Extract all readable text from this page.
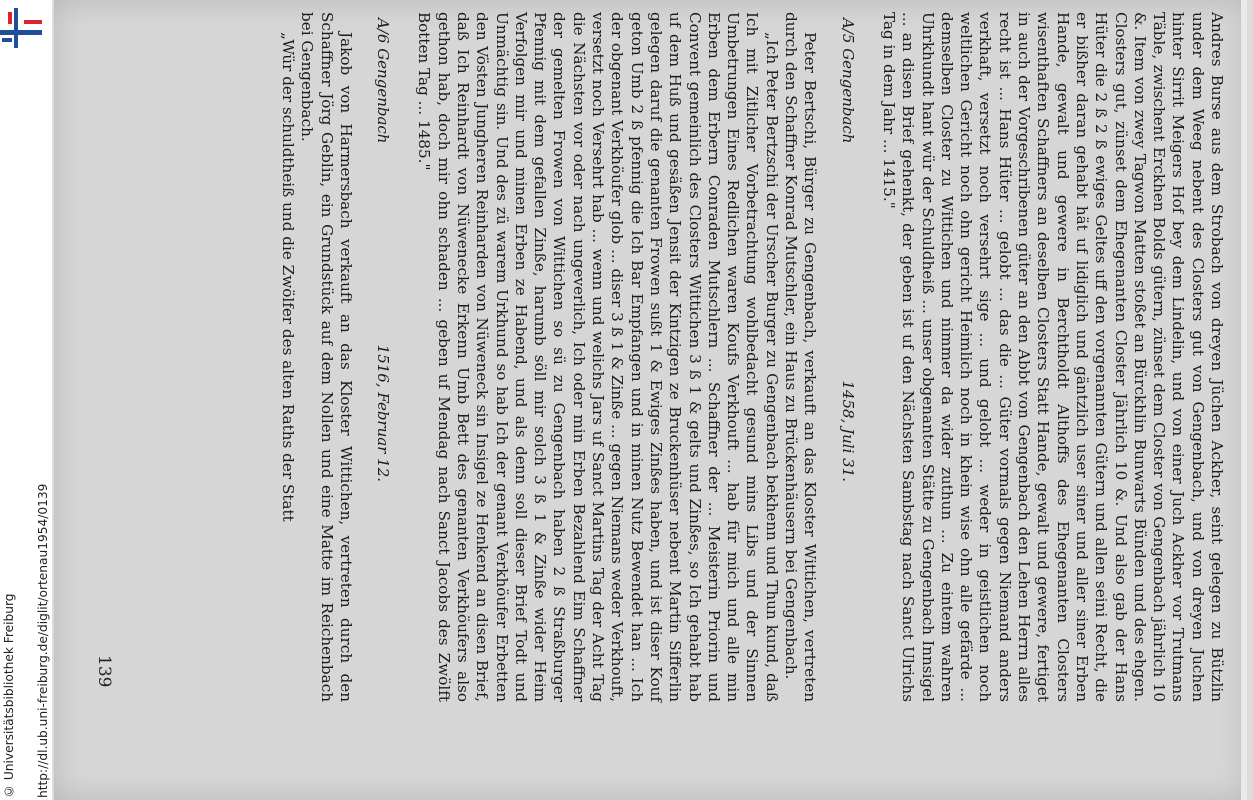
© Universitätsbibliothek Freiburg http://dl.ub.uni-freiburg.de/diglit/ortenau1954/0139	Andres Burse aus dem Strobach von dreyen Jüchen Ackher, seint gelegen zu Bützlin under dem Weeg nebent des Closters gut von Gengenbach, und von dreyen Juchen hinter Sirrit Meigers Hof bey dem Lindelin, und von einer Juch Ackher vor Trutmans Täble, zwischent Erckhen Bolds gütern, zünset dem Closter von Gengenbach jährlich 10 &. Item von zwey Tagwon Matten stoßet an Bürckhlin Bunwarts Bünden und des ehgen. Closters gut, zünset dem Ehegenanten Closter Jährlich 10 &. Und also gab der Hans Hüter die 2 ß 2 ß ewiges Geltes uff den vorgenannten Gütern und allen seini Recht, die er bißher daran gehabt hät uf lidiglich und gäntzlich user siner und aller siner Erben Hande, gewalt und gewere in Berchtholdt Althoffs des Ehegenanten Closters wisenthaften Schaffners an deselben Closters Statt Hande, gewalt und gewere, fertiget in auch der Vorgeschribenen güter an den Abbt von Gengenbach den Lehen Herrn alles recht ist ... Hans Hüter ... gelobt ... das die ... Güter vormals gegen Niemand anders verkhaft, versetzt noch versehrt sige ... und gelobt ... weder in geistlichen noch weltlichen Gericht noch ohn gericht Heimlich noch in khein wise ohn alle gefärde ... demselben Closter zu Wittichen und nimmer da wider zuthun ... Zu eintem wahren Uhrkhundt hant wür der Schuldheiß ... unser obgenanten Stätte zu Gengenbach Innsigel ... an disen Brief gehenkt, der geben ist uf den Nächsten Sambstag nach Sanct Ulrichs Tag in dem Jahr ... 1415."

A/5 Gengenbach
1458, Juli 31.

Peter Bertschi, Bürger zu Gengenbach, verkauft an das Kloster Wittichen, vertreten durch den Schaffner Konrad Mutschler, ein Haus zu Brückenhäusern bei Gengenbach.

„Ich Peter Bertzschi der Urscher Burger zu Gengenbach bekhenn und Thun kund, daß Ich mit Zitlicher Vorbetrachtung wohlbedacht gesund mins Libs und der Sinnen Umbetrungen Eines Redlichen waren Koufs Verkhouft ... hab für mich und alle min Erben dem Erbern Conraden Mutschlern ... Schaffner der ... Meisterin Priorin und Convent gemeinlich des Closters Wittichen 3 ß 1 & gelts und Zinßes, so Ich gehabt hab uf dem Huß und gesäßen Jensit der Kintzigen ze Bruckenhüser nebent Martin Sifferlin gelegen daruf die genanten Frowen sußt 1 & Ewiges Zinßes haben, und ist diser Kouf geton Umb 2 ß pfennig die Ich Bar Empfangen und in minen Nutz Bewendet han ... Ich der obgenant Verkhöufer glob ... diser 3 ß 1 & Zinße ... gegen Niemans weder Verkhouft, versetzt noch Versehrt hab ... wenn und welichs Jars uf Sanct Martins Tag der Acht Tag die Nächsten vor oder nach ungeverlich, Ich oder min Erben Bezahlend Eim Schaffner der gemelten Frowen von Wittichen so sü zu Gengenbach haben 2 ß Straßburger Pfennig mit dem gefallen Zinße, harumb söll mir solch 3 ß 1 & Zinße wider Heim Verfolgen mir und minen Erben ze Habend, und als denn soll dieser Brief Todt und Unmächtig sin. Und des zü warem Urkhund so hab Ich der genant Verkhöufer Erbetten den Vösten Jungheren Reinharden von Nüweneck sin Insigel ze Henkend an disen Brief, daß Ich Reinhardt von Nüwenecke Erkenn Umb Bett des genanten Verkhöufers also gethon hab, doch mir ohn schaden ... geben uf Mendag nach Sanct Jacobs des Zwölft Botten Tag ... 1485."

A/6 Gengenbach
1516, Februar 12.

Jakob von Harmersbach verkauft an das Kloster Wittichen, vertreten durch den Schaffner Jörg Geblin, ein Grundstück auf dem Nollen und eine Matte im Reichenbach bei Gengenbach.

„Wür der schuldtheiß und die Zwölfer des alten Raths der Statt

139
